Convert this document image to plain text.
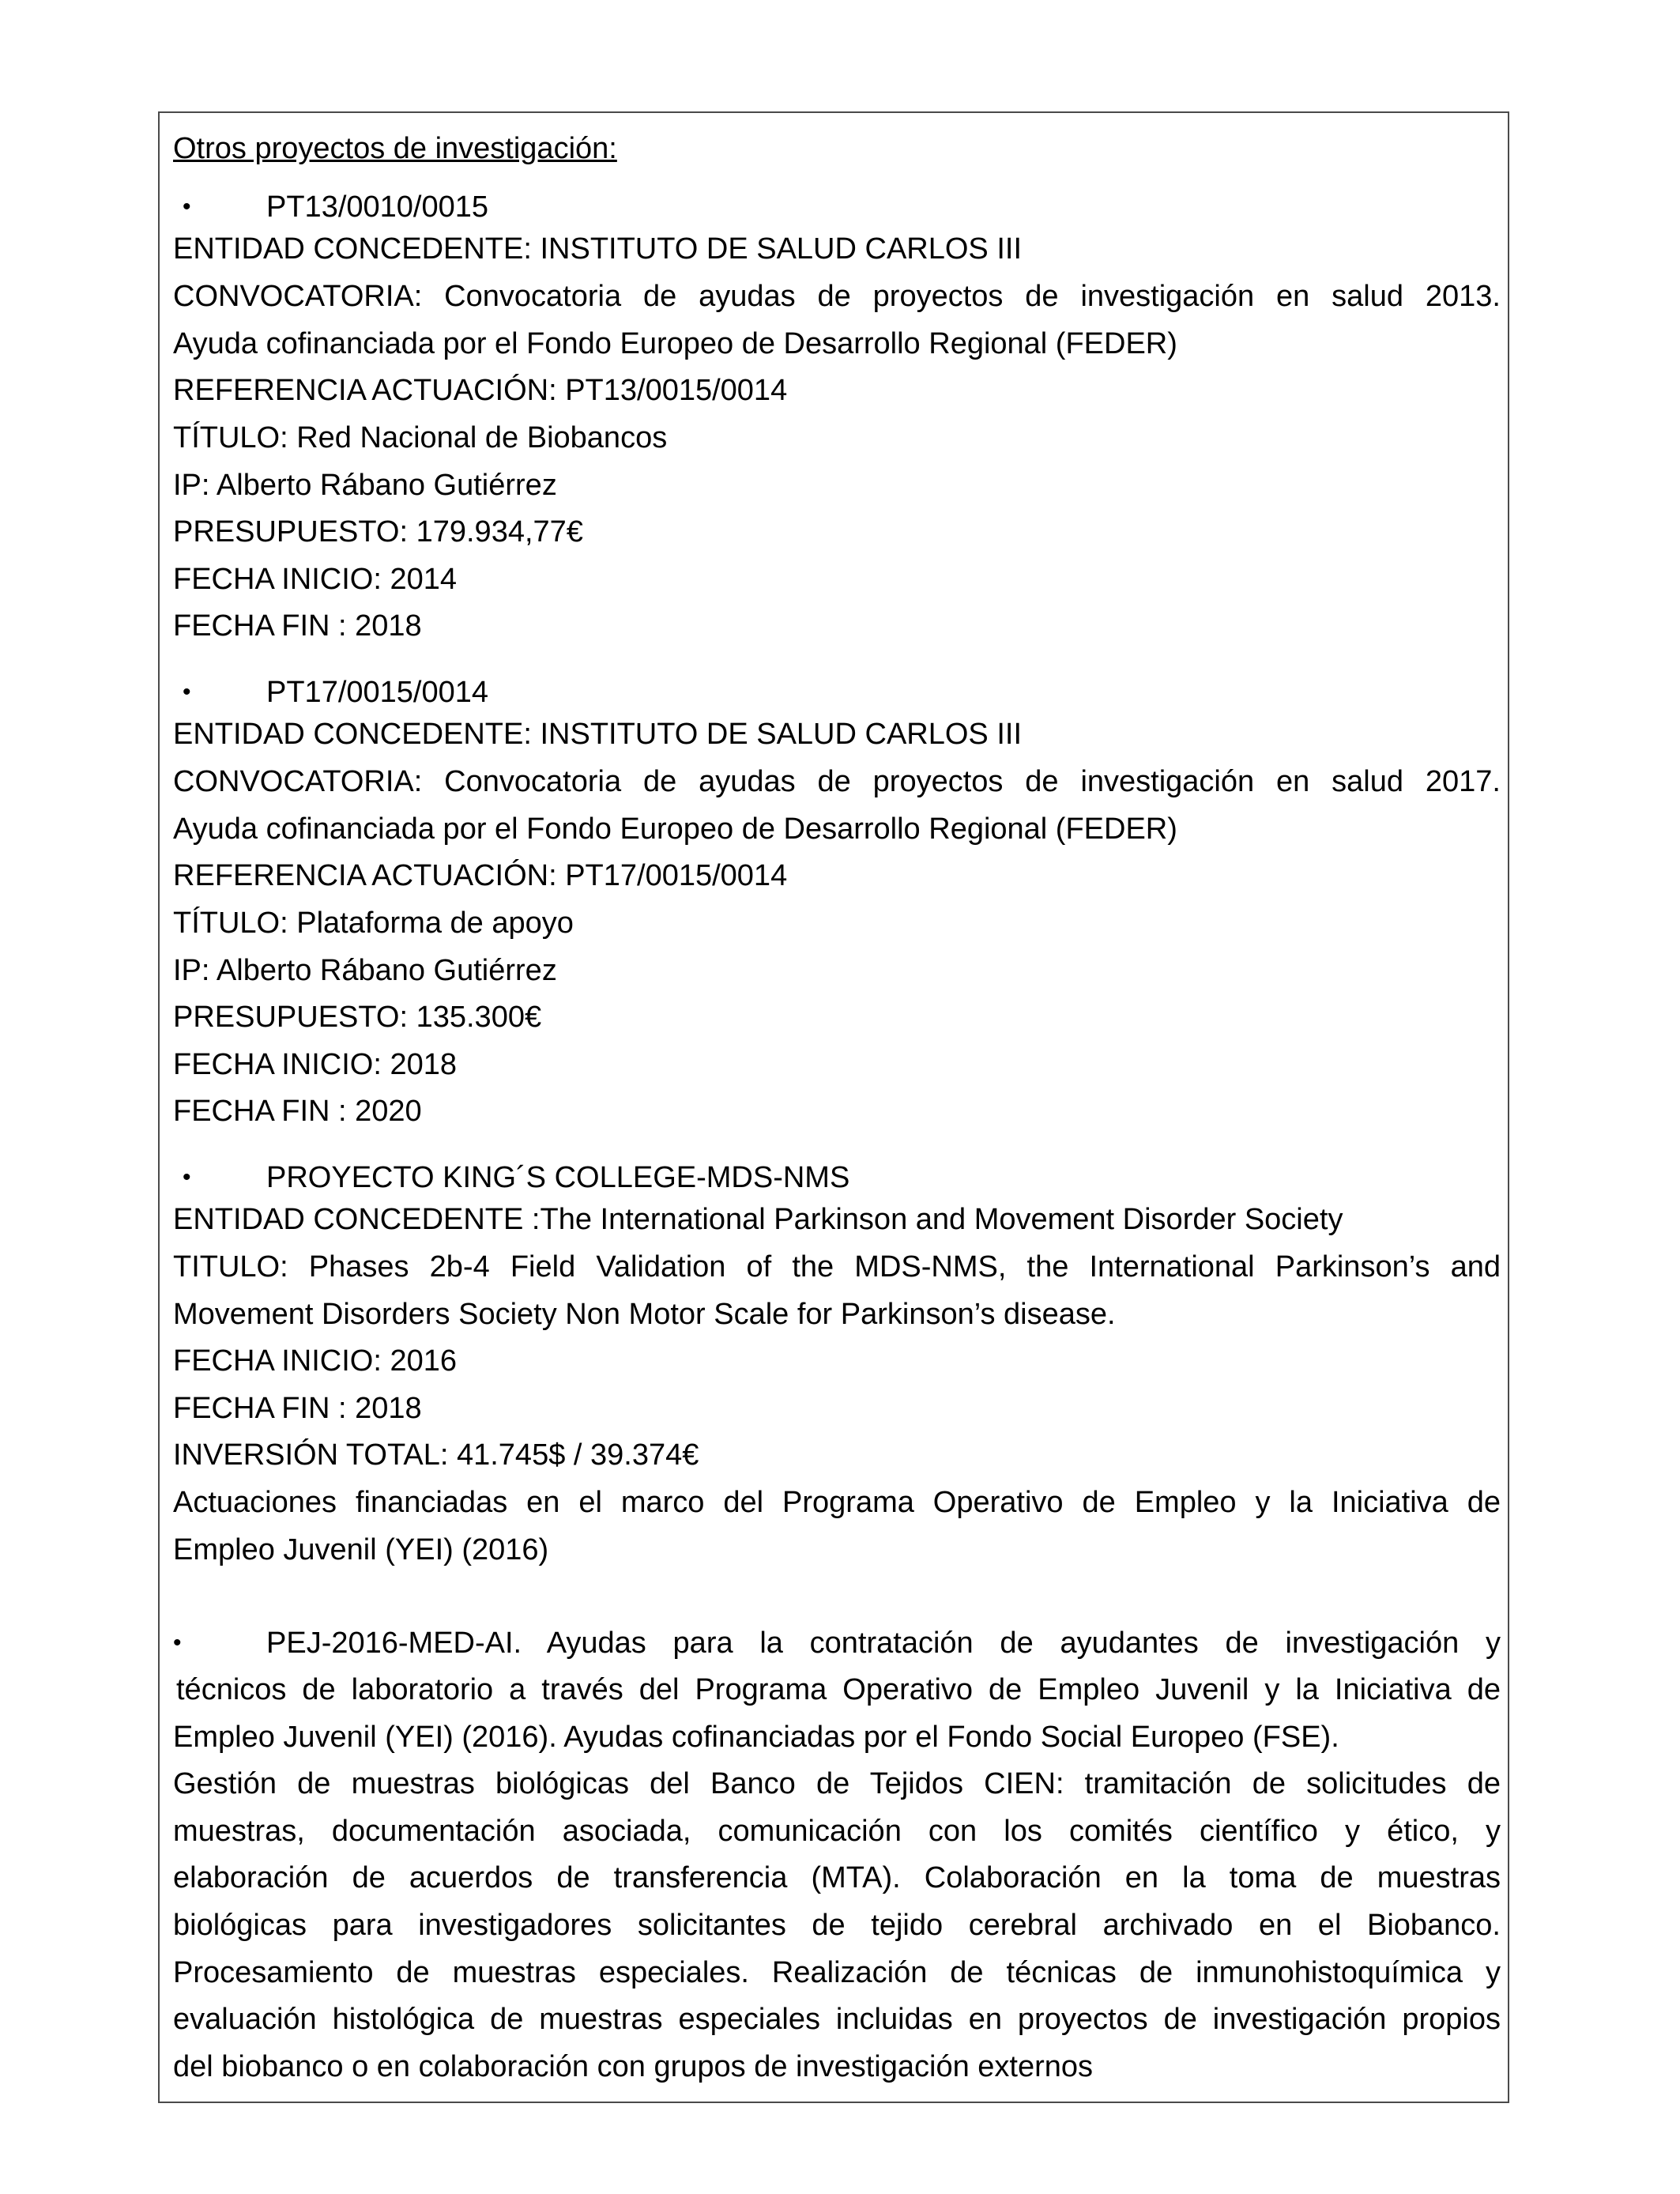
Otros proyectos de investigación:
•	PT13/0010/0015
ENTIDAD CONCEDENTE: INSTITUTO DE SALUD CARLOS III
CONVOCATORIA: Convocatoria de ayudas de proyectos de investigación en salud 2013.
Ayuda cofinanciada por el Fondo Europeo de Desarrollo Regional (FEDER)
REFERENCIA ACTUACIÓN: PT13/0015/0014
TÍTULO: Red Nacional de Biobancos
IP: Alberto Rábano Gutiérrez
PRESUPUESTO: 179.934,77€
FECHA INICIO: 2014
FECHA FIN : 2018
•	PT17/0015/0014
ENTIDAD CONCEDENTE: INSTITUTO DE SALUD CARLOS III
CONVOCATORIA: Convocatoria de ayudas de proyectos de investigación en salud 2017.
Ayuda cofinanciada por el Fondo Europeo de Desarrollo Regional (FEDER)
REFERENCIA ACTUACIÓN: PT17/0015/0014
TÍTULO: Plataforma de apoyo
IP: Alberto Rábano Gutiérrez
PRESUPUESTO: 135.300€
FECHA INICIO: 2018
FECHA FIN : 2020
•	PROYECTO KING´S COLLEGE-MDS-NMS
ENTIDAD CONCEDENTE :The International Parkinson and Movement Disorder Society
TITULO: Phases 2b-4 Field Validation of the MDS-NMS, the International Parkinson’s and
Movement Disorders Society Non Motor Scale for Parkinson’s disease.
FECHA INICIO: 2016
FECHA FIN : 2018
INVERSIÓN TOTAL: 41.745$ / 39.374€
Actuaciones financiadas en el marco del Programa Operativo de Empleo y la Iniciativa de
Empleo Juvenil (YEI) (2016)
•	PEJ-2016-MED-AI. Ayudas para la contratación de ayudantes de investigación y
técnicos de laboratorio a través del Programa Operativo de Empleo Juvenil y la Iniciativa de
Empleo Juvenil (YEI) (2016). Ayudas cofinanciadas por el Fondo Social Europeo (FSE).
Gestión de muestras biológicas del Banco de Tejidos CIEN: tramitación de solicitudes de
muestras, documentación asociada, comunicación con los comités científico y ético, y
elaboración de acuerdos de transferencia (MTA). Colaboración en la toma de muestras
biológicas para investigadores solicitantes de tejido cerebral archivado en el Biobanco.
Procesamiento de muestras especiales. Realización de técnicas de inmunohistoquímica y
evaluación histológica de muestras especiales incluidas en proyectos de investigación propios
del biobanco o en colaboración con grupos de investigación externos
